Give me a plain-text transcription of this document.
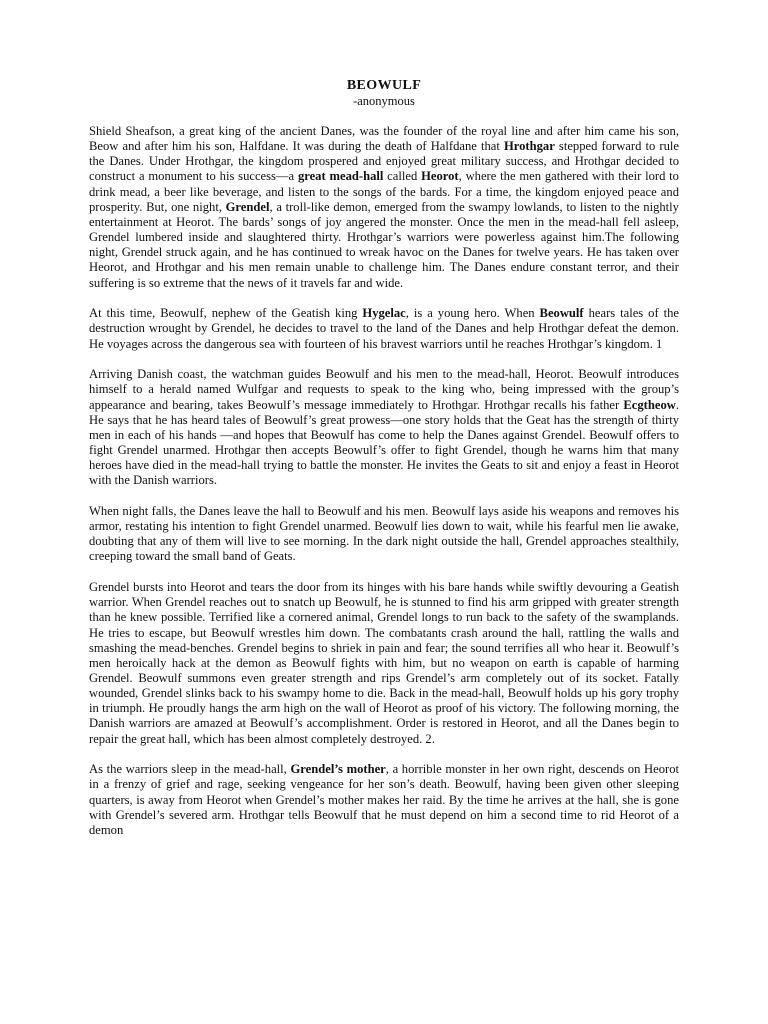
BEOWULF
-anonymous

Shield Sheafson, a great king of the ancient Danes, was the founder of the royal line and after him came his son, Beow and after him his son, Halfdane. It was during the death of Halfdane that Hrothgar stepped forward to rule the Danes. Under Hrothgar, the kingdom prospered and enjoyed great military success, and Hrothgar decided to construct a monument to his success—a great mead-hall called Heorot, where the men gathered with their lord to drink mead, a beer like beverage, and listen to the songs of the bards. For a time, the kingdom enjoyed peace and prosperity. But, one night, Grendel, a troll-like demon, emerged from the swampy lowlands, to listen to the nightly entertainment at Heorot. The bards’ songs of joy angered the monster. Once the men in the mead-hall fell asleep, Grendel lumbered inside and slaughtered thirty. Hrothgar’s warriors were powerless against him.The following night, Grendel struck again, and he has continued to wreak havoc on the Danes for twelve years. He has taken over Heorot, and Hrothgar and his men remain unable to challenge him. The Danes endure constant terror, and their suffering is so extreme that the news of it travels far and wide.

At this time, Beowulf, nephew of the Geatish king Hygelac, is a young hero. When Beowulf hears tales of the destruction wrought by Grendel, he decides to travel to the land of the Danes and help Hrothgar defeat the demon. He voyages across the dangerous sea with fourteen of his bravest warriors until he reaches Hrothgar’s kingdom. 1

Arriving Danish coast, the watchman guides Beowulf and his men to the mead-hall, Heorot. Beowulf introduces himself to a herald named Wulfgar and requests to speak to the king who, being impressed with the group’s appearance and bearing, takes Beowulf’s message immediately to Hrothgar. Hrothgar recalls his father Ecgtheow. He says that he has heard tales of Beowulf’s great prowess—one story holds that the Geat has the strength of thirty men in each of his hands —and hopes that Beowulf has come to help the Danes against Grendel. Beowulf offers to fight Grendel unarmed. Hrothgar then accepts Beowulf’s offer to fight Grendel, though he warns him that many heroes have died in the mead-hall trying to battle the monster. He invites the Geats to sit and enjoy a feast in Heorot with the Danish warriors.

When night falls, the Danes leave the hall to Beowulf and his men. Beowulf lays aside his weapons and removes his armor, restating his intention to fight Grendel unarmed. Beowulf lies down to wait, while his fearful men lie awake, doubting that any of them will live to see morning. In the dark night outside the hall, Grendel approaches stealthily, creeping toward the small band of Geats.

Grendel bursts into Heorot and tears the door from its hinges with his bare hands while swiftly devouring a Geatish warrior. When Grendel reaches out to snatch up Beowulf, he is stunned to find his arm gripped with greater strength than he knew possible. Terrified like a cornered animal, Grendel longs to run back to the safety of the swamplands. He tries to escape, but Beowulf wrestles him down. The combatants crash around the hall, rattling the walls and smashing the mead-benches. Grendel begins to shriek in pain and fear; the sound terrifies all who hear it. Beowulf’s men heroically hack at the demon as Beowulf fights with him, but no weapon on earth is capable of harming Grendel. Beowulf summons even greater strength and rips Grendel’s arm completely out of its socket. Fatally wounded, Grendel slinks back to his swampy home to die. Back in the mead-hall, Beowulf holds up his gory trophy in triumph. He proudly hangs the arm high on the wall of Heorot as proof of his victory. The following morning, the Danish warriors are amazed at Beowulf’s accomplishment. Order is restored in Heorot, and all the Danes begin to repair the great hall, which has been almost completely destroyed. 2.

As the warriors sleep in the mead-hall, Grendel’s mother, a horrible monster in her own right, descends on Heorot in a frenzy of grief and rage, seeking vengeance for her son’s death. Beowulf, having been given other sleeping quarters, is away from Heorot when Grendel’s mother makes her raid. By the time he arrives at the hall, she is gone with Grendel’s severed arm. Hrothgar tells Beowulf that he must depend on him a second time to rid Heorot of a demon
